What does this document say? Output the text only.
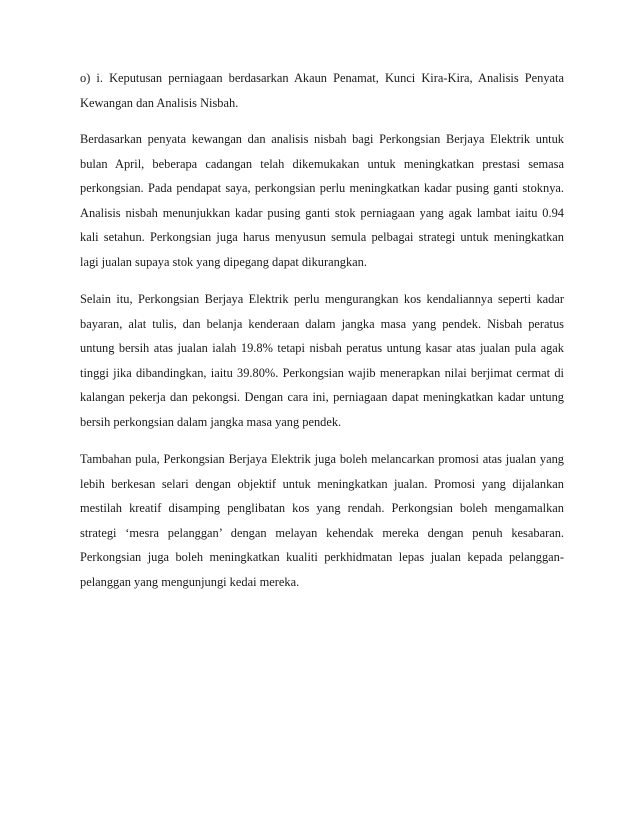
o) i. Keputusan perniagaan berdasarkan Akaun Penamat, Kunci Kira-Kira, Analisis Penyata Kewangan dan Analisis Nisbah.

Berdasarkan penyata kewangan dan analisis nisbah bagi Perkongsian Berjaya Elektrik untuk bulan April, beberapa cadangan telah dikemukakan untuk meningkatkan prestasi semasa perkongsian. Pada pendapat saya, perkongsian perlu meningkatkan kadar pusing ganti stoknya. Analisis nisbah menunjukkan kadar pusing ganti stok perniagaan yang agak lambat iaitu 0.94 kali setahun. Perkongsian juga harus menyusun semula pelbagai strategi untuk meningkatkan lagi jualan supaya stok yang dipegang dapat dikurangkan.

Selain itu, Perkongsian Berjaya Elektrik perlu mengurangkan kos kendaliannya seperti kadar bayaran, alat tulis, dan belanja kenderaan dalam jangka masa yang pendek. Nisbah peratus untung bersih atas jualan ialah 19.8% tetapi nisbah peratus untung kasar atas jualan pula agak tinggi jika dibandingkan, iaitu 39.80%. Perkongsian wajib menerapkan nilai berjimat cermat di kalangan pekerja dan pekongsi. Dengan cara ini, perniagaan dapat meningkatkan kadar untung bersih perkongsian dalam jangka masa yang pendek.

Tambahan pula, Perkongsian Berjaya Elektrik juga boleh melancarkan promosi atas jualan yang lebih berkesan selari dengan objektif untuk meningkatkan jualan. Promosi yang dijalankan mestilah kreatif disamping penglibatan kos yang rendah. Perkongsian boleh mengamalkan strategi ‘mesra pelanggan’ dengan melayan kehendak mereka dengan penuh kesabaran. Perkongsian juga boleh meningkatkan kualiti perkhidmatan lepas jualan kepada pelanggan-pelanggan yang mengunjungi kedai mereka.
